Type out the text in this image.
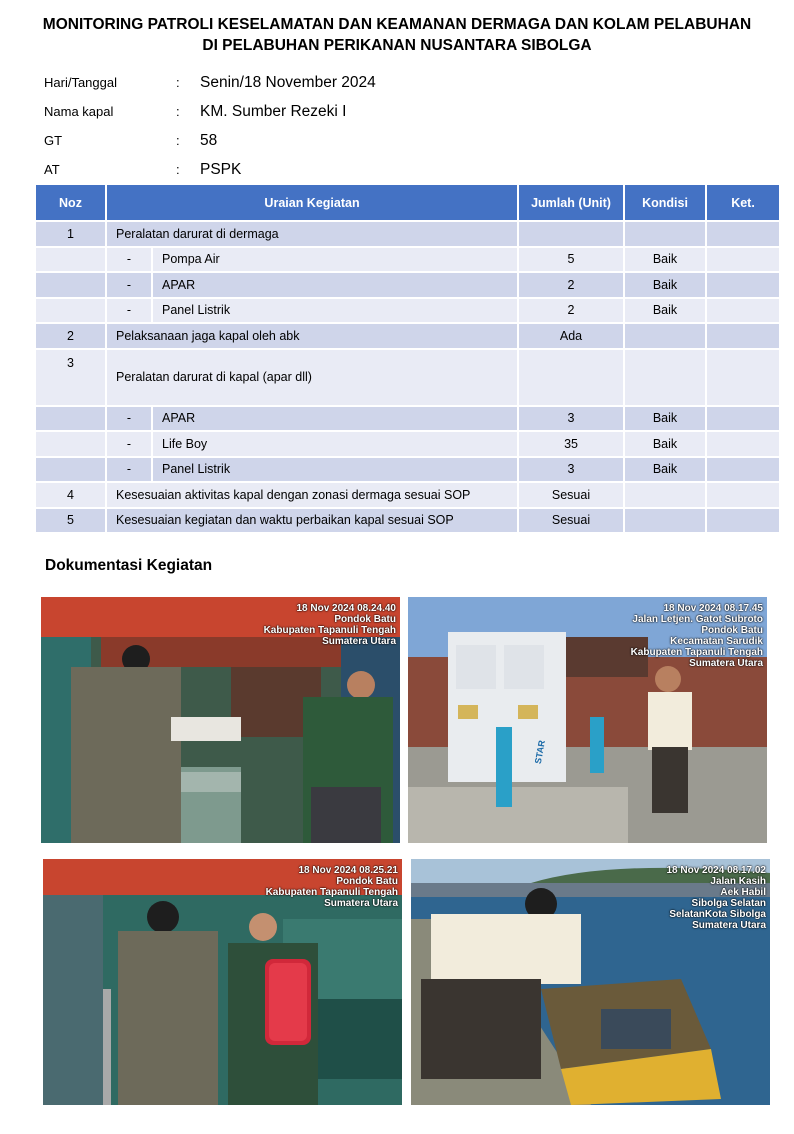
MONITORING PATROLI KESELAMATAN DAN KEAMANAN DERMAGA DAN KOLAM PELABUHAN
DI PELABUHAN PERIKANAN NUSANTARA SIBOLGA
Hari/Tanggal	:	Senin/18 November 2024
Nama kapal	:	KM. Sumber Rezeki I
GT	:	58
AT	:	PSPK
Noz	Uraian Kegiatan		Jumlah (Unit)	Kondisi	Ket.
1	Peralatan darurat di dermaga				
	-	Pompa Air	5	Baik	
	-	APAR	2	Baik	
	-	Panel Listrik	2	Baik	
2	Pelaksanaan jaga kapal oleh abk		Ada		
3	Peralatan darurat di kapal (apar dll)				
	-	APAR	3	Baik	
	-	Life Boy	35	Baik	
	-	Panel Listrik	3	Baik	
4	Kesesuaian aktivitas kapal dengan zonasi dermaga sesuai SOP		Sesuai		
5	Kesesuaian kegiatan dan waktu perbaikan kapal sesuai SOP		Sesuai		
Dokumentasi Kegiatan
18 Nov 2024 08.24.40
Pondok Batu
Kabupaten Tapanuli Tengah
Sumatera Utara
18 Nov 2024 08.17.45
Jalan Letjen. Gatot Subroto
Pondok Batu
Kecamatan Sarudik
Kabupaten Tapanuli Tengah
Sumatera Utara
STAR
18 Nov 2024 08.25.21
Pondok Batu
Kabupaten Tapanuli Tengah
Sumatera Utara
18 Nov 2024 08.17.02
Jalan Kasih
Aek Habil
Sibolga Selatan
SelatanKota Sibolga
Sumatera Utara
